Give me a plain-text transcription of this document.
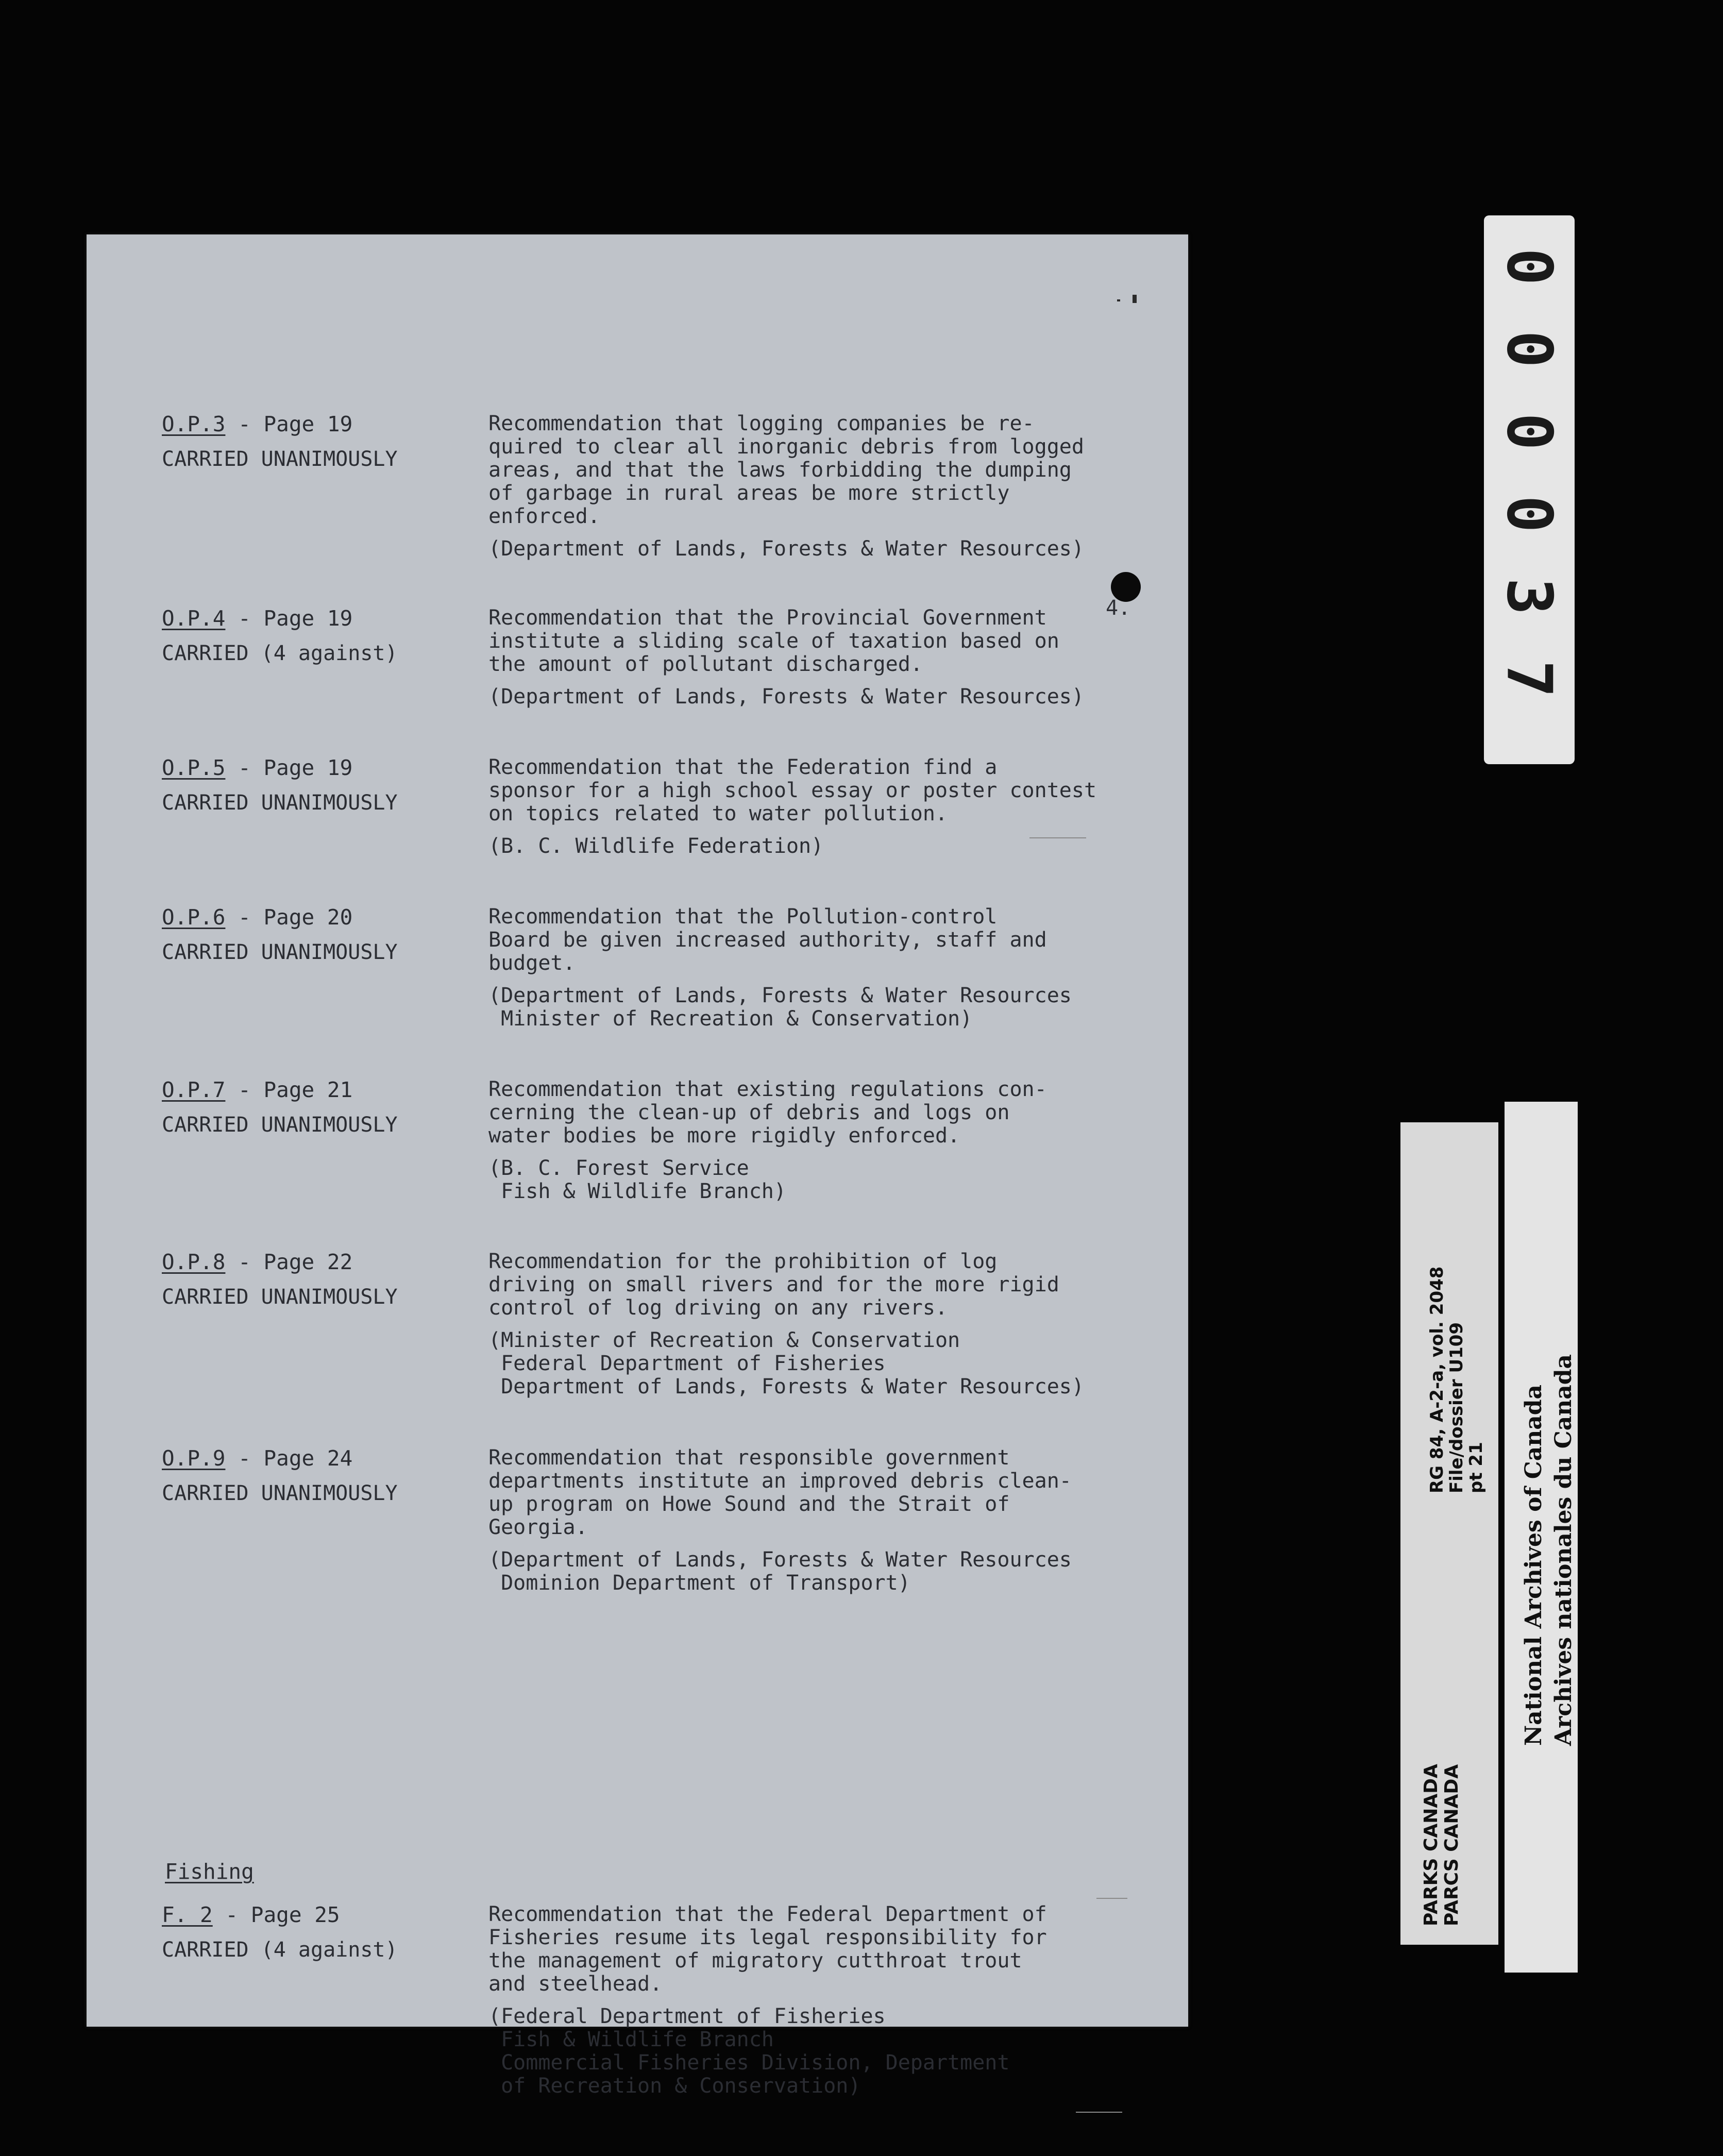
4.
O.P.3 - Page 19
CARRIED UNANIMOUSLY
Recommendation that logging companies be re-
quired to clear all inorganic debris from logged
areas, and that the laws forbidding the dumping
of garbage in rural areas be more strictly
enforced.
(Department of Lands, Forests & Water Resources)
O.P.4 - Page 19
CARRIED (4 against)
Recommendation that the Provincial Government
institute a sliding scale of taxation based on
the amount of pollutant discharged.
(Department of Lands, Forests & Water Resources)
O.P.5 - Page 19
CARRIED UNANIMOUSLY
Recommendation that the Federation find a
sponsor for a high school essay or poster contest
on topics related to water pollution.
(B. C. Wildlife Federation)
O.P.6 - Page 20
CARRIED UNANIMOUSLY
Recommendation that the Pollution-control
Board be given increased authority, staff and
budget.
(Department of Lands, Forests & Water Resources
Minister of Recreation & Conservation)
O.P.7 - Page 21
CARRIED UNANIMOUSLY
Recommendation that existing regulations con-
cerning the clean-up of debris and logs on
water bodies be more rigidly enforced.
(B. C. Forest Service
Fish & Wildlife Branch)
O.P.8 - Page 22
CARRIED UNANIMOUSLY
Recommendation for the prohibition of log
driving on small rivers and for the more rigid
control of log driving on any rivers.
(Minister of Recreation & Conservation
Federal Department of Fisheries
Department of Lands, Forests & Water Resources)
O.P.9 - Page 24
CARRIED UNANIMOUSLY
Recommendation that responsible government
departments institute an improved debris clean-
up program on Howe Sound and the Strait of
Georgia.
(Department of Lands, Forests & Water Resources
Dominion Department of Transport)
Fishing
F. 2 - Page 25
CARRIED (4 against)
Recommendation that the Federal Department of
Fisheries resume its legal responsibility for
the management of migratory cutthroat trout
and steelhead.
(Federal Department of Fisheries
Fish & Wildlife Branch
Commercial Fisheries Division, Department
of Recreation & Conservation)
0
0
0
0
3
7
RG 84, A-2-a, vol. 2048
File/dossier U109
pt 21
PARKS CANADA
PARCS CANADA
National Archives of Canada
Archives nationales du Canada
